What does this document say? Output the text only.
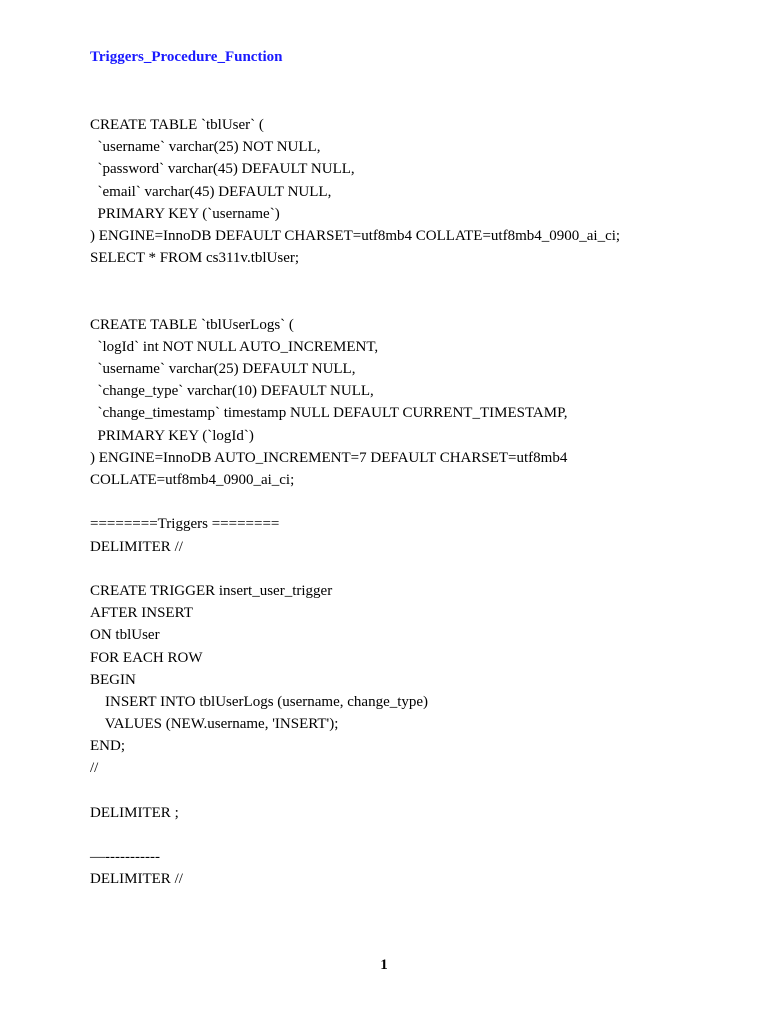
Triggers_Procedure_Function
CREATE TABLE `tblUser` (
`username` varchar(25) NOT NULL,
`password` varchar(45) DEFAULT NULL,
`email` varchar(45) DEFAULT NULL,
PRIMARY KEY (`username`)
) ENGINE=InnoDB DEFAULT CHARSET=utf8mb4 COLLATE=utf8mb4_0900_ai_ci;
SELECT * FROM cs311v.tblUser;
CREATE TABLE `tblUserLogs` (
`logId` int NOT NULL AUTO_INCREMENT,
`username` varchar(25) DEFAULT NULL,
`change_type` varchar(10) DEFAULT NULL,
`change_timestamp` timestamp NULL DEFAULT CURRENT_TIMESTAMP,
PRIMARY KEY (`logId`)
) ENGINE=InnoDB AUTO_INCREMENT=7 DEFAULT CHARSET=utf8mb4
COLLATE=utf8mb4_0900_ai_ci;
========Triggers ========
DELIMITER //
CREATE TRIGGER insert_user_trigger
AFTER INSERT
ON tblUser
FOR EACH ROW
BEGIN
INSERT INTO tblUserLogs (username, change_type)
VALUES (NEW.username, 'INSERT');
END;
//
DELIMITER ;
—-----------
DELIMITER //
1
